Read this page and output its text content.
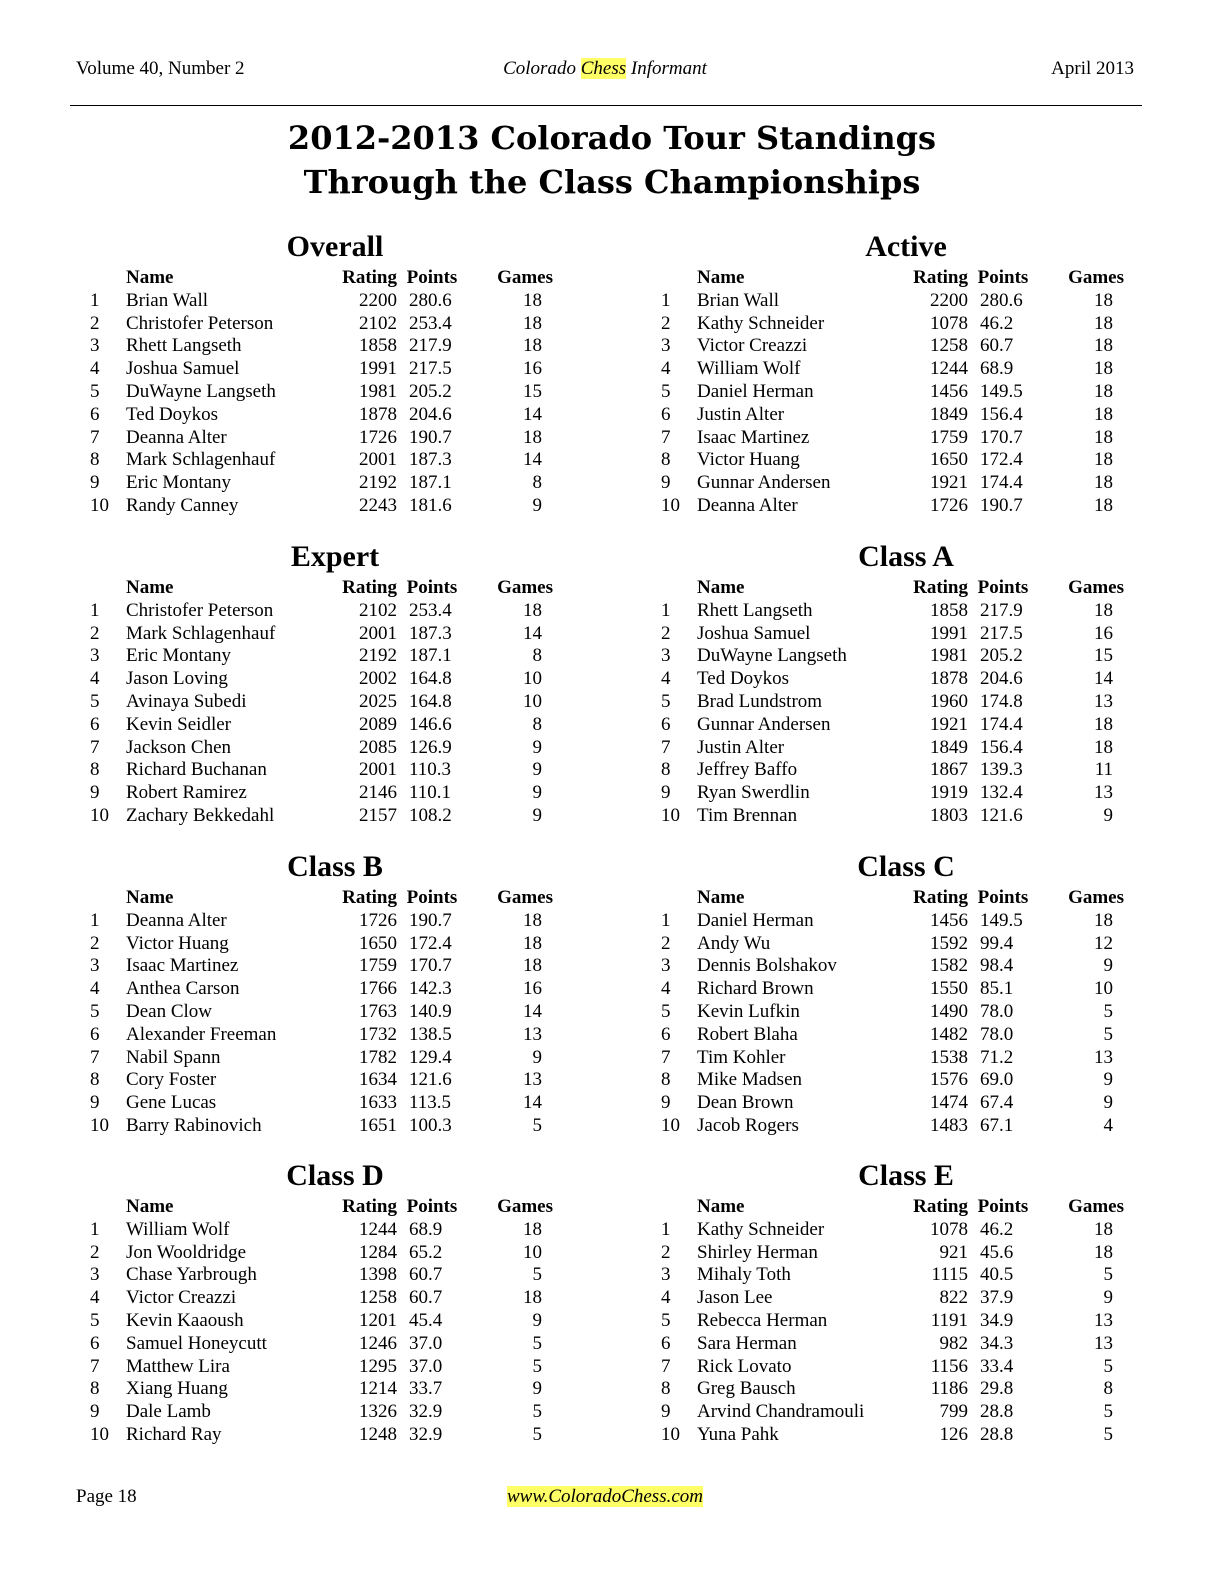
Volume 40, Number 2	Colorado Chess Informant	April 2013
2012-2013 Colorado Tour Standings
Through the Class Championships
Overall
	Name	Rating	Points	Games
1	Brian Wall	2200	280.6	18
2	Christofer Peterson	2102	253.4	18
3	Rhett Langseth	1858	217.9	18
4	Joshua Samuel	1991	217.5	16
5	DuWayne Langseth	1981	205.2	15
6	Ted Doykos	1878	204.6	14
7	Deanna Alter	1726	190.7	18
8	Mark Schlagenhauf	2001	187.3	14
9	Eric Montany	2192	187.1	8
10	Randy Canney	2243	181.6	9
Active
	Name	Rating	Points	Games
1	Brian Wall	2200	280.6	18
2	Kathy Schneider	1078	46.2	18
3	Victor Creazzi	1258	60.7	18
4	William Wolf	1244	68.9	18
5	Daniel Herman	1456	149.5	18
6	Justin Alter	1849	156.4	18
7	Isaac Martinez	1759	170.7	18
8	Victor Huang	1650	172.4	18
9	Gunnar Andersen	1921	174.4	18
10	Deanna Alter	1726	190.7	18
Expert
	Name	Rating	Points	Games
1	Christofer Peterson	2102	253.4	18
2	Mark Schlagenhauf	2001	187.3	14
3	Eric Montany	2192	187.1	8
4	Jason Loving	2002	164.8	10
5	Avinaya Subedi	2025	164.8	10
6	Kevin Seidler	2089	146.6	8
7	Jackson Chen	2085	126.9	9
8	Richard Buchanan	2001	110.3	9
9	Robert Ramirez	2146	110.1	9
10	Zachary Bekkedahl	2157	108.2	9
Class A
	Name	Rating	Points	Games
1	Rhett Langseth	1858	217.9	18
2	Joshua Samuel	1991	217.5	16
3	DuWayne Langseth	1981	205.2	15
4	Ted Doykos	1878	204.6	14
5	Brad Lundstrom	1960	174.8	13
6	Gunnar Andersen	1921	174.4	18
7	Justin Alter	1849	156.4	18
8	Jeffrey Baffo	1867	139.3	11
9	Ryan Swerdlin	1919	132.4	13
10	Tim Brennan	1803	121.6	9
Class B
	Name	Rating	Points	Games
1	Deanna Alter	1726	190.7	18
2	Victor Huang	1650	172.4	18
3	Isaac Martinez	1759	170.7	18
4	Anthea Carson	1766	142.3	16
5	Dean Clow	1763	140.9	14
6	Alexander Freeman	1732	138.5	13
7	Nabil Spann	1782	129.4	9
8	Cory Foster	1634	121.6	13
9	Gene Lucas	1633	113.5	14
10	Barry Rabinovich	1651	100.3	5
Class C
	Name	Rating	Points	Games
1	Daniel Herman	1456	149.5	18
2	Andy Wu	1592	99.4	12
3	Dennis Bolshakov	1582	98.4	9
4	Richard Brown	1550	85.1	10
5	Kevin Lufkin	1490	78.0	5
6	Robert Blaha	1482	78.0	5
7	Tim Kohler	1538	71.2	13
8	Mike Madsen	1576	69.0	9
9	Dean Brown	1474	67.4	9
10	Jacob Rogers	1483	67.1	4
Class D
	Name	Rating	Points	Games
1	William Wolf	1244	68.9	18
2	Jon Wooldridge	1284	65.2	10
3	Chase Yarbrough	1398	60.7	5
4	Victor Creazzi	1258	60.7	18
5	Kevin Kaaoush	1201	45.4	9
6	Samuel Honeycutt	1246	37.0	5
7	Matthew Lira	1295	37.0	5
8	Xiang Huang	1214	33.7	9
9	Dale Lamb	1326	32.9	5
10	Richard Ray	1248	32.9	5
Class E
	Name	Rating	Points	Games
1	Kathy Schneider	1078	46.2	18
2	Shirley Herman	921	45.6	18
3	Mihaly Toth	1115	40.5	5
4	Jason Lee	822	37.9	9
5	Rebecca Herman	1191	34.9	13
6	Sara Herman	982	34.3	13
7	Rick Lovato	1156	33.4	5
8	Greg Bausch	1186	29.8	8
9	Arvind Chandramouli	799	28.8	5
10	Yuna Pahk	126	28.8	5
Page 18	www.ColoradoChess.com
